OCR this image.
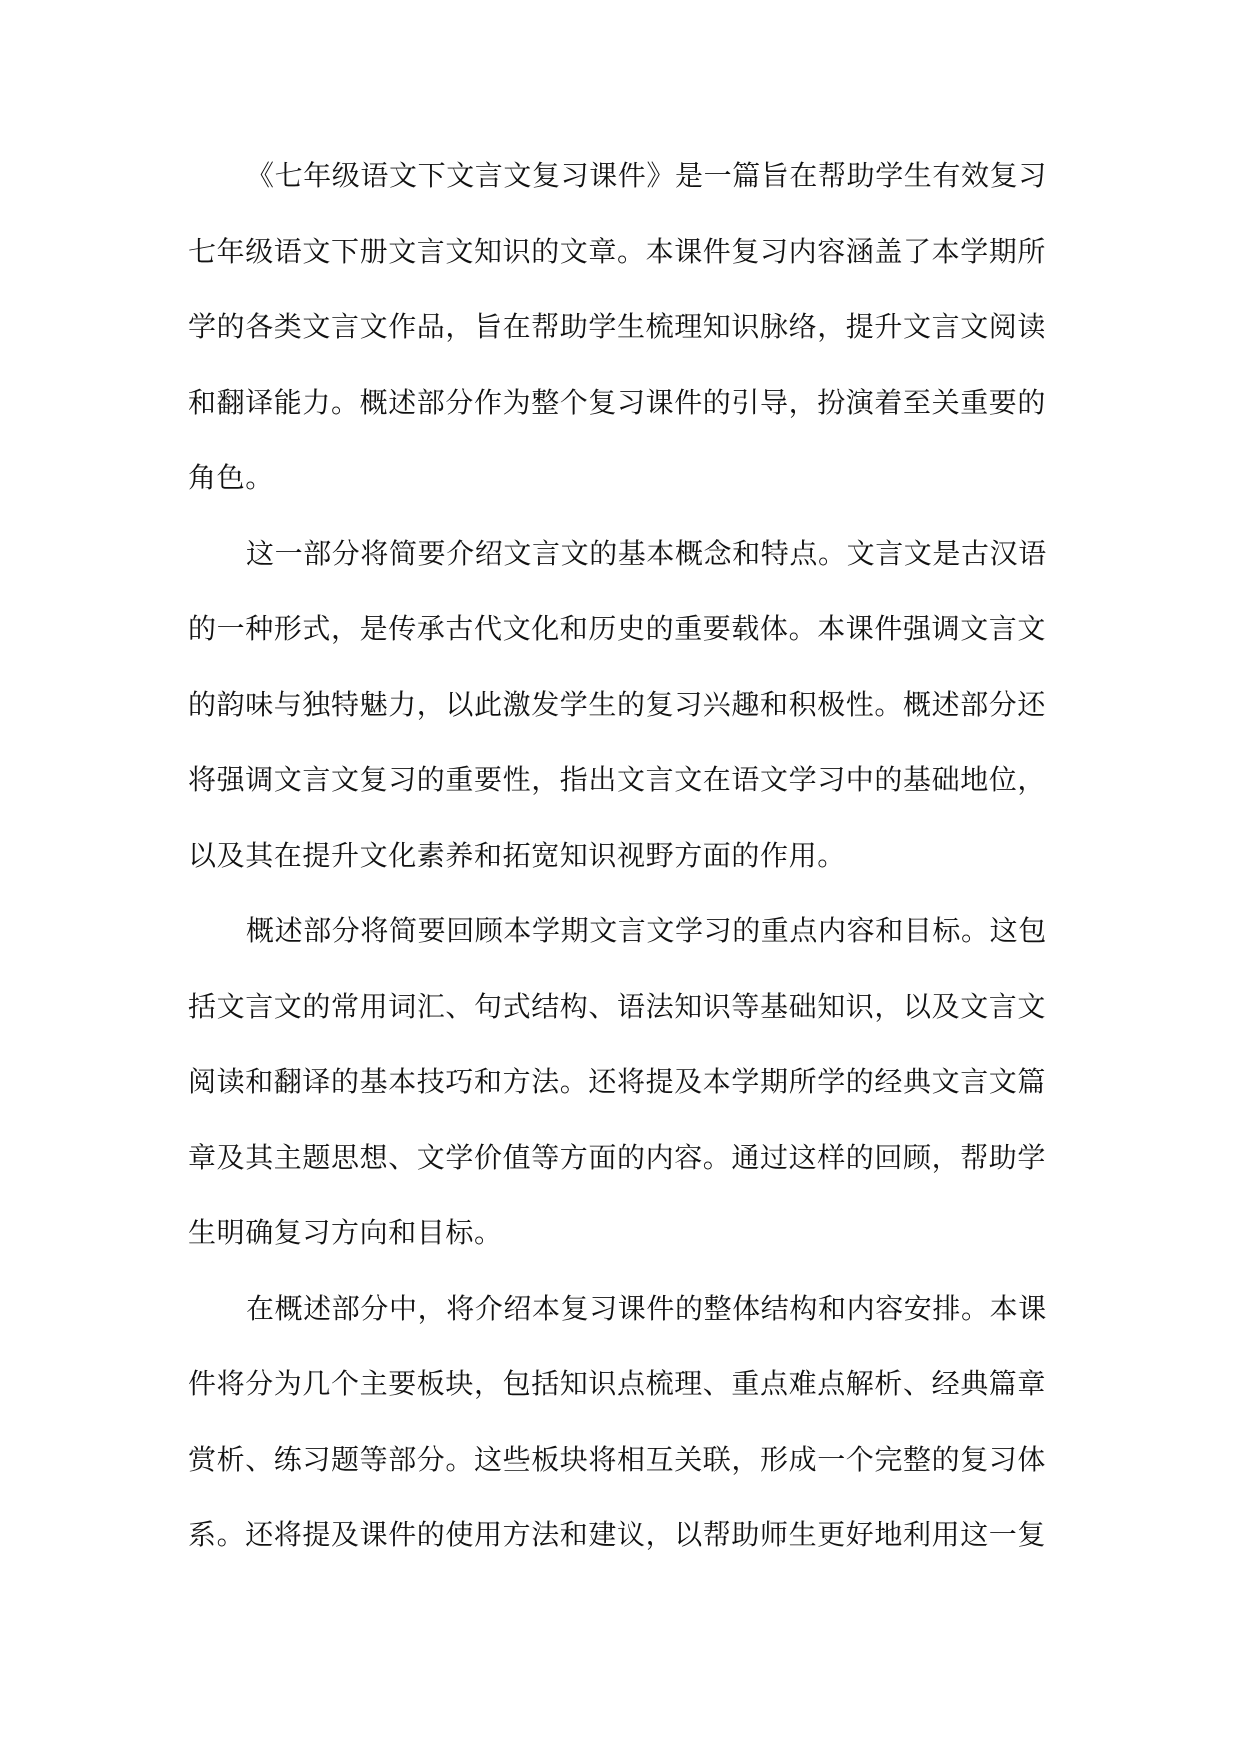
《七年级语文下文言文复习课件》是一篇旨在帮助学生有效复习
七年级语文下册文言文知识的文章。本课件复习内容涵盖了本学期所
学的各类文言文作品，旨在帮助学生梳理知识脉络，提升文言文阅读
和翻译能力。概述部分作为整个复习课件的引导，扮演着至关重要的
角色。

这一部分将简要介绍文言文的基本概念和特点。文言文是古汉语
的一种形式，是传承古代文化和历史的重要载体。本课件强调文言文
的韵味与独特魅力，以此激发学生的复习兴趣和积极性。概述部分还
将强调文言文复习的重要性，指出文言文在语文学习中的基础地位，
以及其在提升文化素养和拓宽知识视野方面的作用。

概述部分将简要回顾本学期文言文学习的重点内容和目标。这包
括文言文的常用词汇、句式结构、语法知识等基础知识，以及文言文
阅读和翻译的基本技巧和方法。还将提及本学期所学的经典文言文篇
章及其主题思想、文学价值等方面的内容。通过这样的回顾，帮助学
生明确复习方向和目标。

在概述部分中，将介绍本复习课件的整体结构和内容安排。本课
件将分为几个主要板块，包括知识点梳理、重点难点解析、经典篇章
赏析、练习题等部分。这些板块将相互关联，形成一个完整的复习体
系。还将提及课件的使用方法和建议，以帮助师生更好地利用这一复
